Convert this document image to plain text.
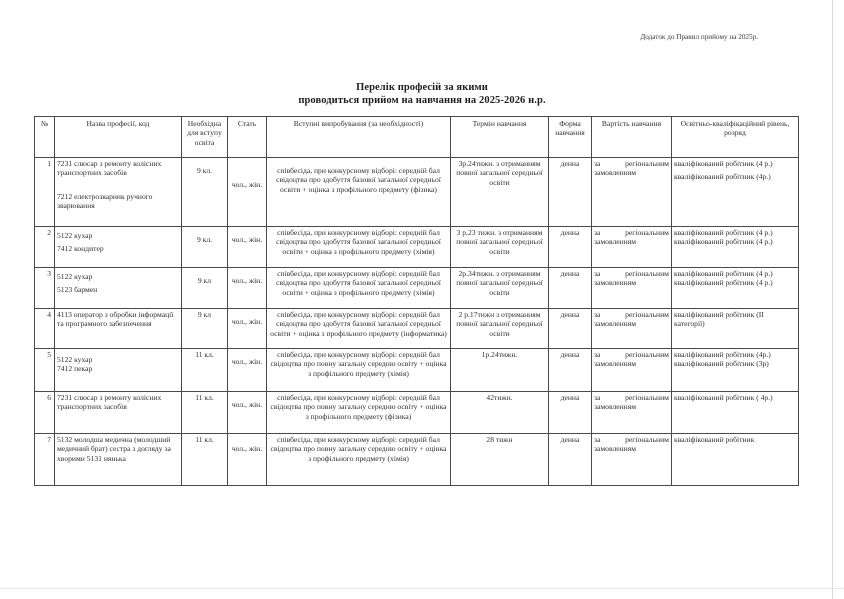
Додаток до Правил прийому на 2025р.
Перелік професій за якими
проводиться прийом на навчання на 2025-2026 н.р.
№	Назва професії, код	Необхідна для вступу освіта	Стать	Вступні випробування (за необхідності)	Термін навчання	Форма навчання	Вартість навчання	Освітньо-кваліфікаційний рівень, розряд
1	7231 слюсар з ремонту колісних транспортних засобів
7212 електрозварник ручного зварювання	9 кл.	чол., жін.	співбесіда, при конкурсному відборі: середній бал свідоцтва про здобуття базової загальної середньої освіти + оцінка з профільного предмету (фізика)	3р.24тижн. з отриманням повної загальної середньої освіти	денна	за регіональним замовленням	кваліфікований робітник (4 р.)
кваліфікований робітник (4р.)

2	5122 кухар
7412 кондитер	9 кл.	чол., жін.	співбесіда, при конкурсному відборі: середній бал свідоцтва про здобуття базової загальної середньої освіти + оцінка з профільного предмету (хімія)	3 р.23 тижн. з отриманням повної загальної середньої освіти	денна	за регіональним замовленням	кваліфікований робітник (4 р.)
кваліфікований робітник (4 р.)

3	5122 кухар
5123 бармен	9 кл	чол., жін.	співбесіда, при конкурсному відборі: середній бал свідоцтва про здобуття базової загальної середньої освіти + оцінка з профільного предмету (хімія)	2р.34тижн. з отриманням повної загальної середньої освіти	денна	за регіональним замовленням	кваліфікований робітник (4 р.)
кваліфікований робітник (4 р.)

4	4113 оператор з обробки інформації та програмного забезпечення	9 кл	чол., жін.	співбесіда, при конкурсному відборі: середній бал свідоцтва про здобуття базової загальної середньої освіти + оцінка з профільного предмету (інформатика)	2 р.17тижн з отриманням повної загальної середньої освіти	денна	за регіональним замовленням	кваліфікований робітник (ІІ категорії)

5	5122 кухар
7412 пекар	11 кл.	чол., жін.	співбесіда, при конкурсному відборі: середній бал свідоцтва про повну загальну середню освіту + оцінка з профільного предмету (хімія)	1р.24тижн.	денна	за регіональним замовленням	кваліфікований робітник (4р.)
кваліфікований робітник (3р)

6	7231 слюсар з ремонту колісних транспортних засобів	11 кл.	чол., жін.	співбесіда, при конкурсному відборі: середній бал свідоцтва про повну загальну середню освіту + оцінка з профільного предмету (фізика)	42тижн.	денна	за регіональним замовленням	кваліфікований робітник ( 4р.)

7	5132 молодша медична (молодший медичний брат) сестра з догляду за хворими 5131 нянька	11 кл.	чол., жін.	співбесіда, при конкурсному відборі: середній бал свідоцтва про повну загальну середню освіту + оцінка з профільного предмету (хімія)	28 тижн	денна	за регіональним замовленням	кваліфікований робітник
